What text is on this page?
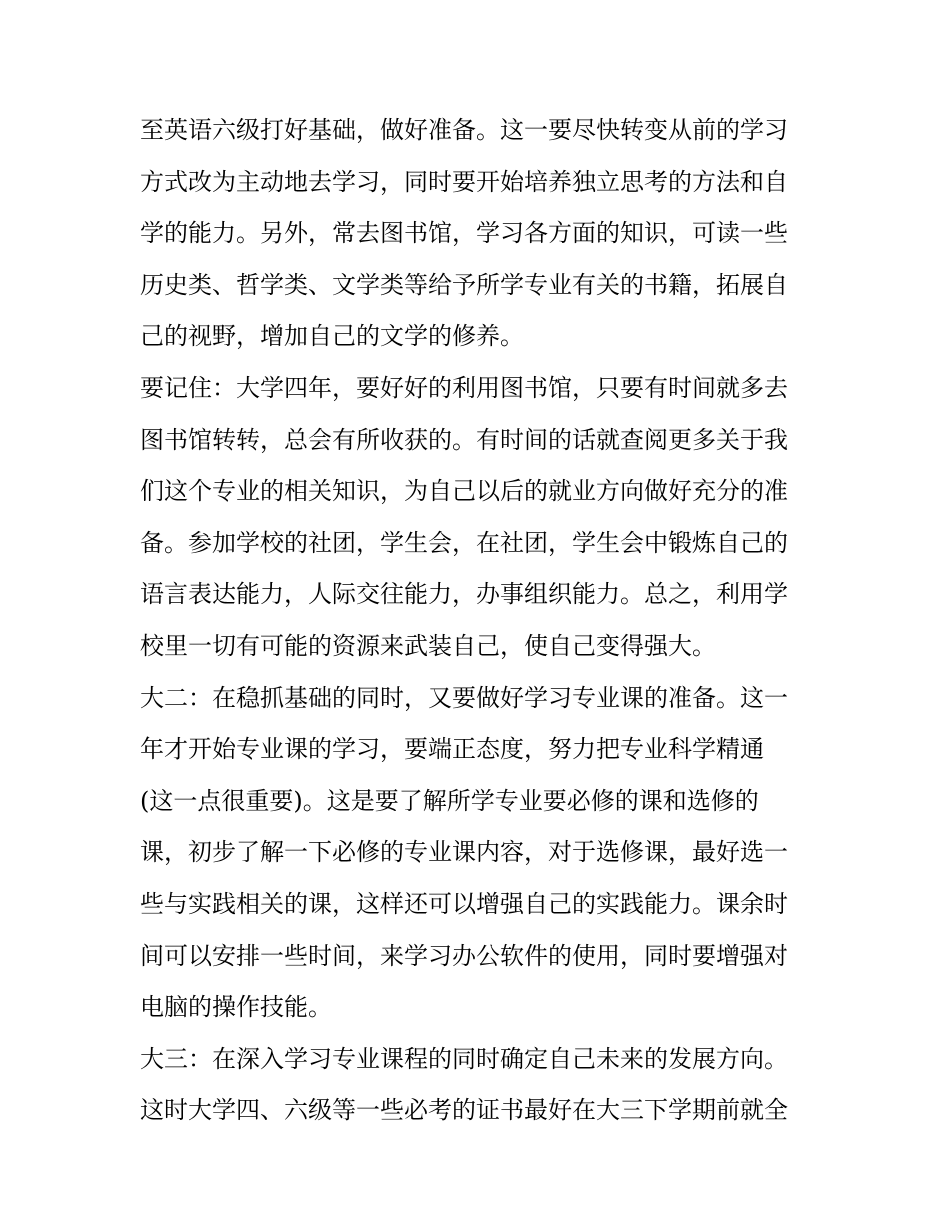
至英语六级打好基础，做好准备。这一要尽快转变从前的学习
方式改为主动地去学习，同时要开始培养独立思考的方法和自
学的能力。另外，常去图书馆，学习各方面的知识，可读一些
历史类、哲学类、文学类等给予所学专业有关的书籍，拓展自
己的视野，增加自己的文学的修养。
要记住：大学四年，要好好的利用图书馆，只要有时间就多去
图书馆转转，总会有所收获的。有时间的话就查阅更多关于我
们这个专业的相关知识，为自己以后的就业方向做好充分的准
备。参加学校的社团，学生会，在社团，学生会中锻炼自己的
语言表达能力，人际交往能力，办事组织能力。总之，利用学
校里一切有可能的资源来武装自己，使自己变得强大。
大二：在稳抓基础的同时，又要做好学习专业课的准备。这一
年才开始专业课的学习，要端正态度，努力把专业科学精通
(这一点很重要)。这是要了解所学专业要必修的课和选修的
课，初步了解一下必修的专业课内容，对于选修课，最好选一
些与实践相关的课，这样还可以增强自己的实践能力。课余时
间可以安排一些时间，来学习办公软件的使用，同时要增强对
电脑的操作技能。
大三：在深入学习专业课程的同时确定自己未来的发展方向。
这时大学四、六级等一些必考的证书最好在大三下学期前就全
